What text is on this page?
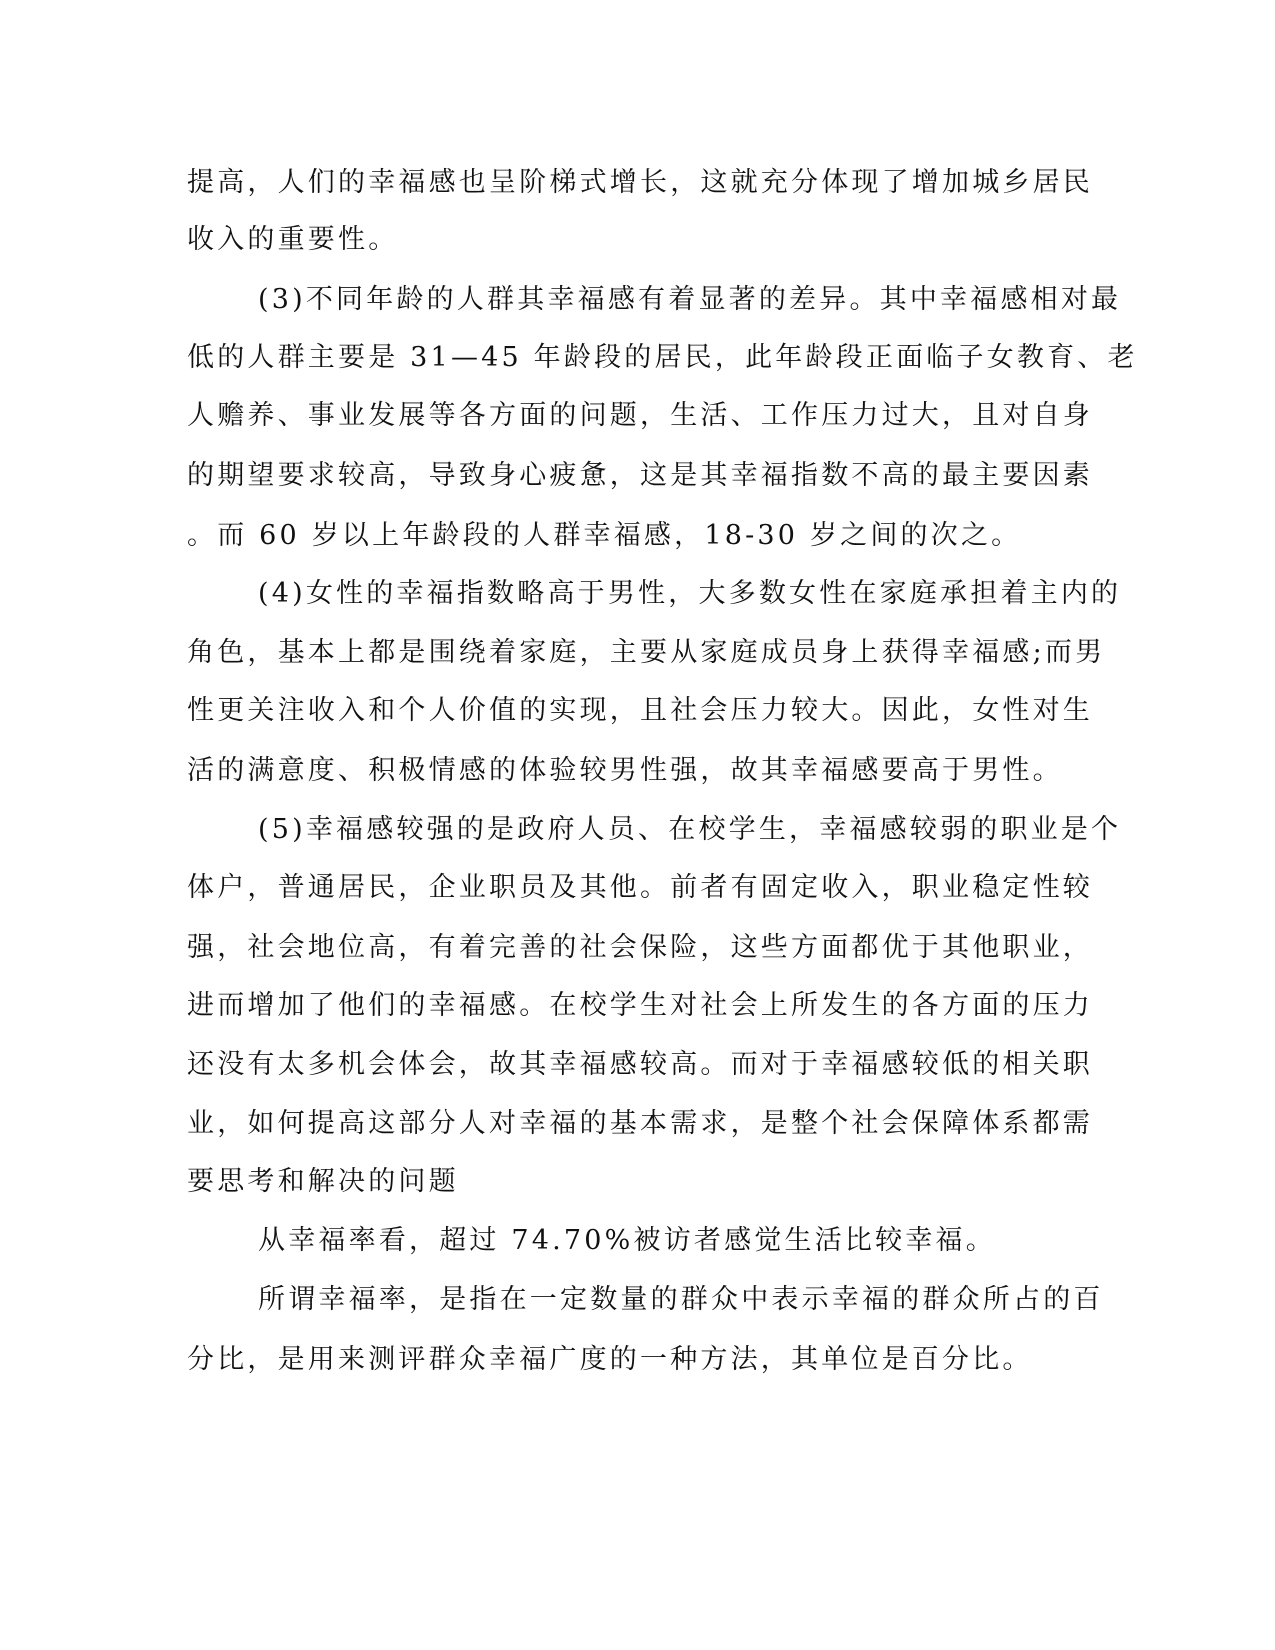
提高，人们的幸福感也呈阶梯式增长，这就充分体现了增加城乡居民
收入的重要性。
(3)不同年龄的人群其幸福感有着显著的差异。其中幸福感相对最
低的人群主要是 31—45 年龄段的居民，此年龄段正面临子女教育、老
人赡养、事业发展等各方面的问题，生活、工作压力过大，且对自身
的期望要求较高，导致身心疲惫，这是其幸福指数不高的最主要因素
。而 60 岁以上年龄段的人群幸福感，18-30 岁之间的次之。
(4)女性的幸福指数略高于男性，大多数女性在家庭承担着主内的
角色，基本上都是围绕着家庭，主要从家庭成员身上获得幸福感;而男
性更关注收入和个人价值的实现，且社会压力较大。因此，女性对生
活的满意度、积极情感的体验较男性强，故其幸福感要高于男性。
(5)幸福感较强的是政府人员、在校学生，幸福感较弱的职业是个
体户，普通居民，企业职员及其他。前者有固定收入，职业稳定性较
强，社会地位高，有着完善的社会保险，这些方面都优于其他职业，
进而增加了他们的幸福感。在校学生对社会上所发生的各方面的压力
还没有太多机会体会，故其幸福感较高。而对于幸福感较低的相关职
业，如何提高这部分人对幸福的基本需求，是整个社会保障体系都需
要思考和解决的问题
从幸福率看，超过 74.70%被访者感觉生活比较幸福。
所谓幸福率，是指在一定数量的群众中表示幸福的群众所占的百
分比，是用来测评群众幸福广度的一种方法，其单位是百分比。
